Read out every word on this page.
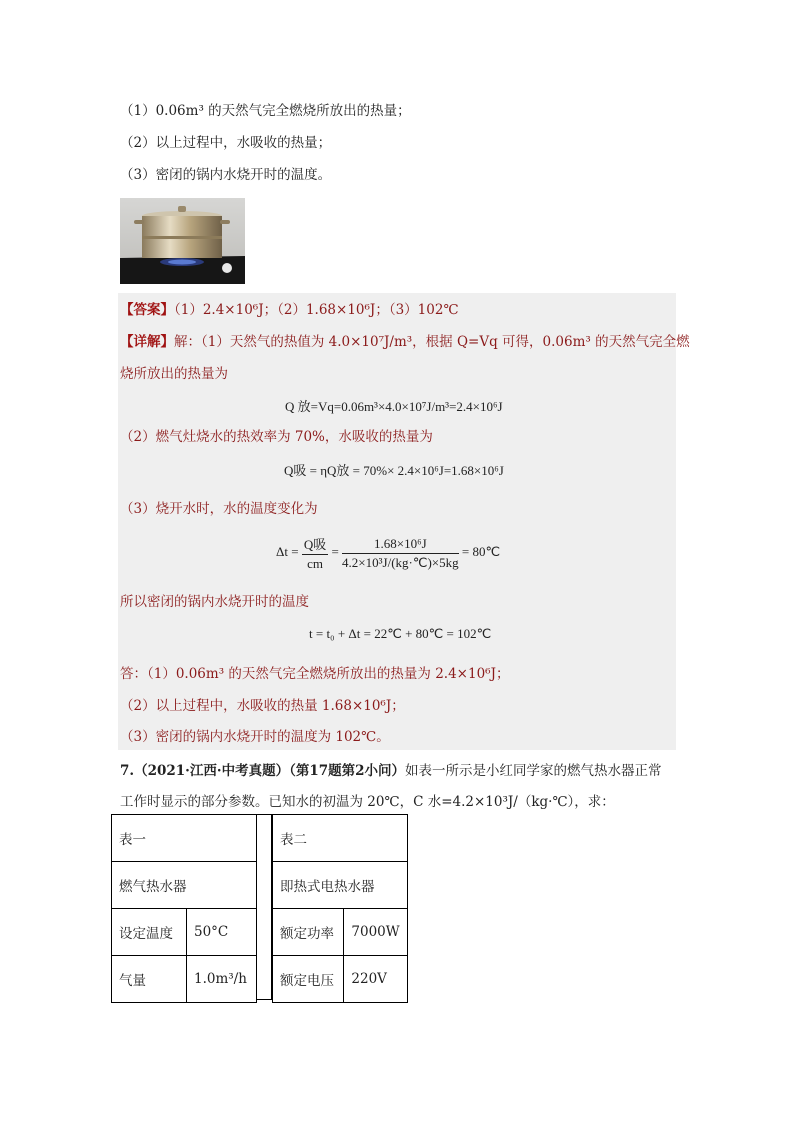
（1）0.06m³ 的天然气完全燃烧所放出的热量；
（2）以上过程中，水吸收的热量；
（3）密闭的锅内水烧开时的温度。
【答案】（1）2.4×10⁶J；（2）1.68×10⁶J；（3）102℃
【详解】解：（1）天然气的热值为 4.0×10⁷J/m³，根据 Q=Vq 可得，0.06m³ 的天然气完全燃
烧所放出的热量为
Q 放=Vq=0.06m³×4.0×10⁷J/m³=2.4×10⁶J
（2）燃气灶烧水的热效率为 70%，水吸收的热量为
Q吸 = ηQ放 = 70%× 2.4×10⁶J=1.68×10⁶J
（3）烧开水时，水的温度变化为
$\Delta t = \frac{\text{Q吸}}{cm} = \frac{\text{1.68×10⁶J}}{\text{4.2×10³J/(kg·℃)×5kg}}$ = 80℃
所以密闭的锅内水烧开时的温度
t = t₀ + Δt = 22℃ + 80℃ = 102℃
答：（1）0.06m³ 的天然气完全燃烧所放出的热量为 2.4×10⁶J；
（2）以上过程中，水吸收的热量 1.68×10⁶J；
（3）密闭的锅内水烧开时的温度为 102℃。
7.（2021·江西·中考真题）（第17题第2小问）如表一所示是小红同学家的燃气热水器正常
工作时显示的部分参数。已知水的初温为 20℃，C 水=4.2×10³J/（kg·℃），求：
表一	
燃气热水器	
设定温度	50°C
气量	1.0m³/h
表二	
即热式电热水器	
额定功率	7000W
额定电压	220V
